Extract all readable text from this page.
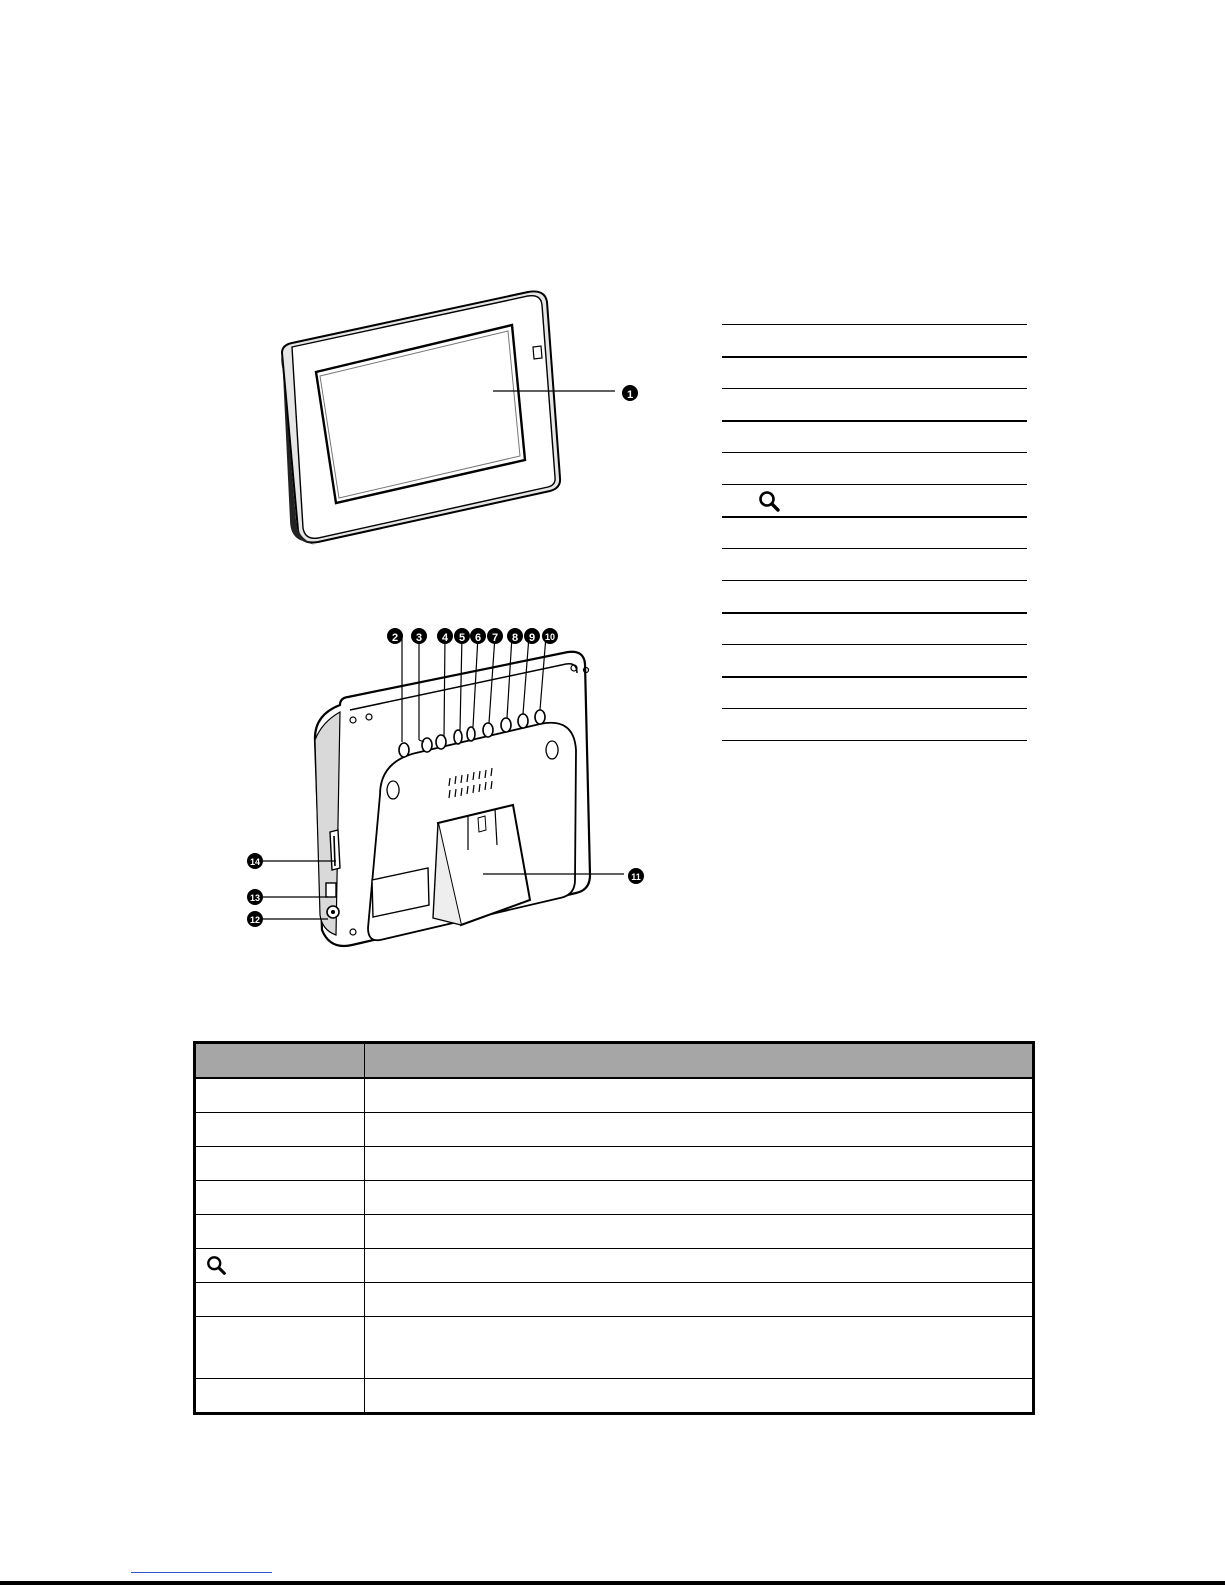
1
2 3 4 5 6 7 8 9 10
11
12
13
14
